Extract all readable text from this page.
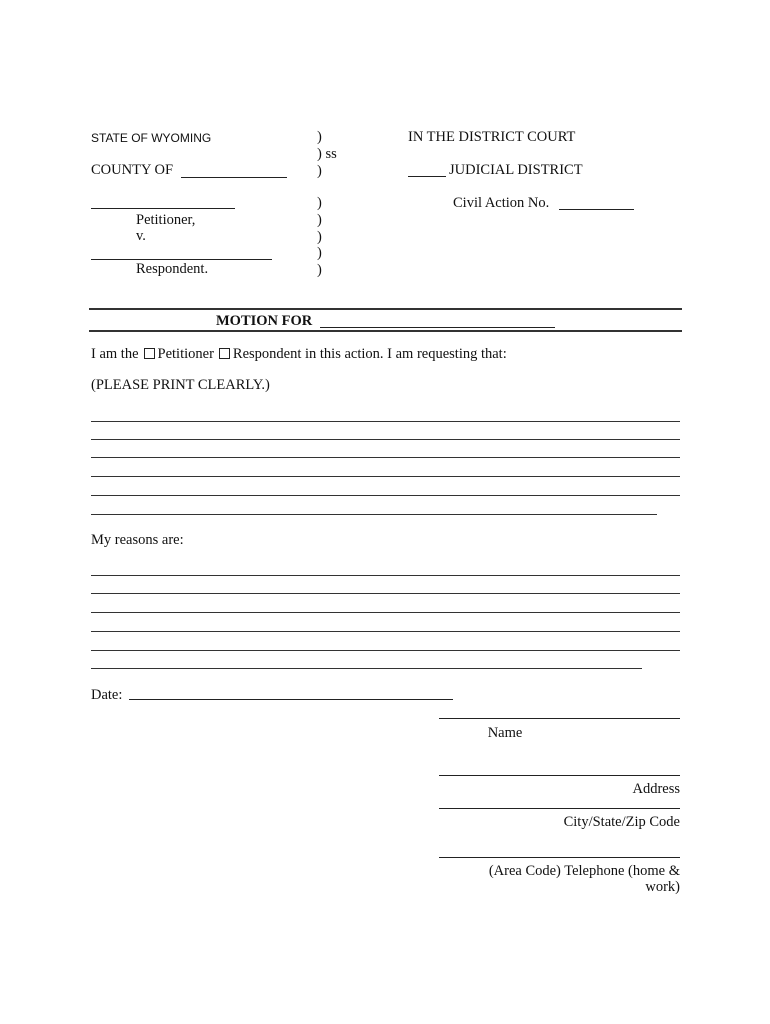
STATE OF WYOMING
COUNTY OF
Petitioner,
v.
Respondent.
)
) ss
)
)
)
)
)
)
IN THE DISTRICT COURT
JUDICIAL DISTRICT
Civil Action No.
MOTION FOR
I am the Petitioner Respondent in this action. I am requesting that:
(PLEASE PRINT CLEARLY.)
My reasons are:
Date:
Name
Address
City/State/Zip Code
(Area Code) Telephone (home &
work)
